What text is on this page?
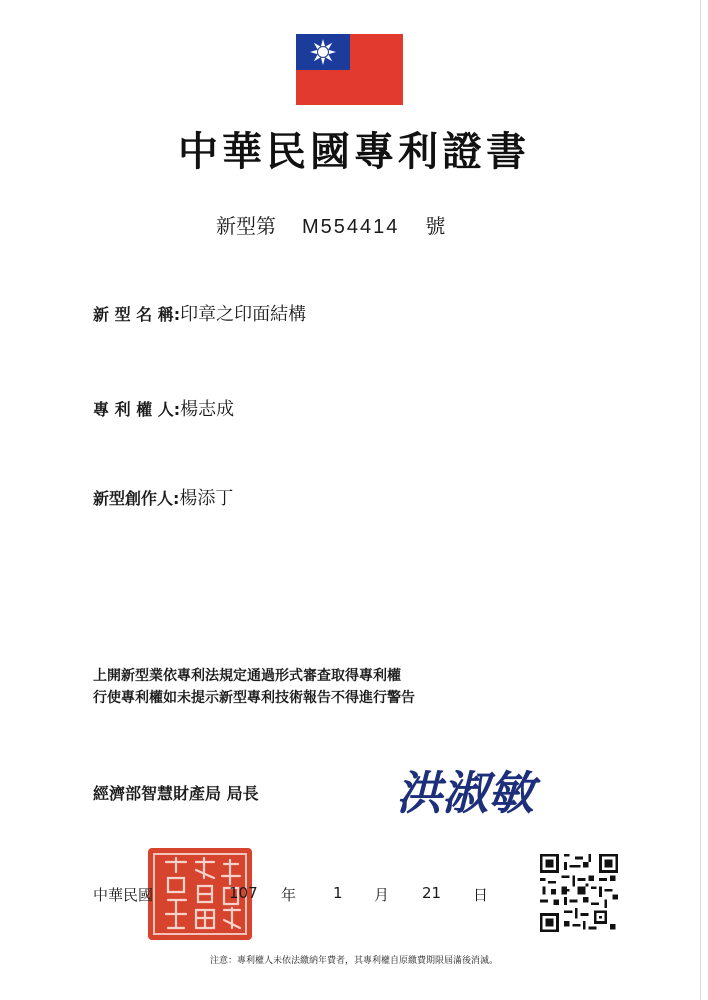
中華民國專利證書
新型第 M554414 號
新 型 名 稱:印章之印面結構
專 利 權 人:楊志成
新型創作人:楊添丁
上開新型業依專利法規定通過形式審查取得專利權
行使專利權如未提示新型專利技術報告不得進行警告
經濟部智慧財產局 局長	洪淑敏
中華民國	107 年 1 月 21 日
注意：專利權人未依法繳納年費者，其專利權自原繳費期限屆滿後消滅。
